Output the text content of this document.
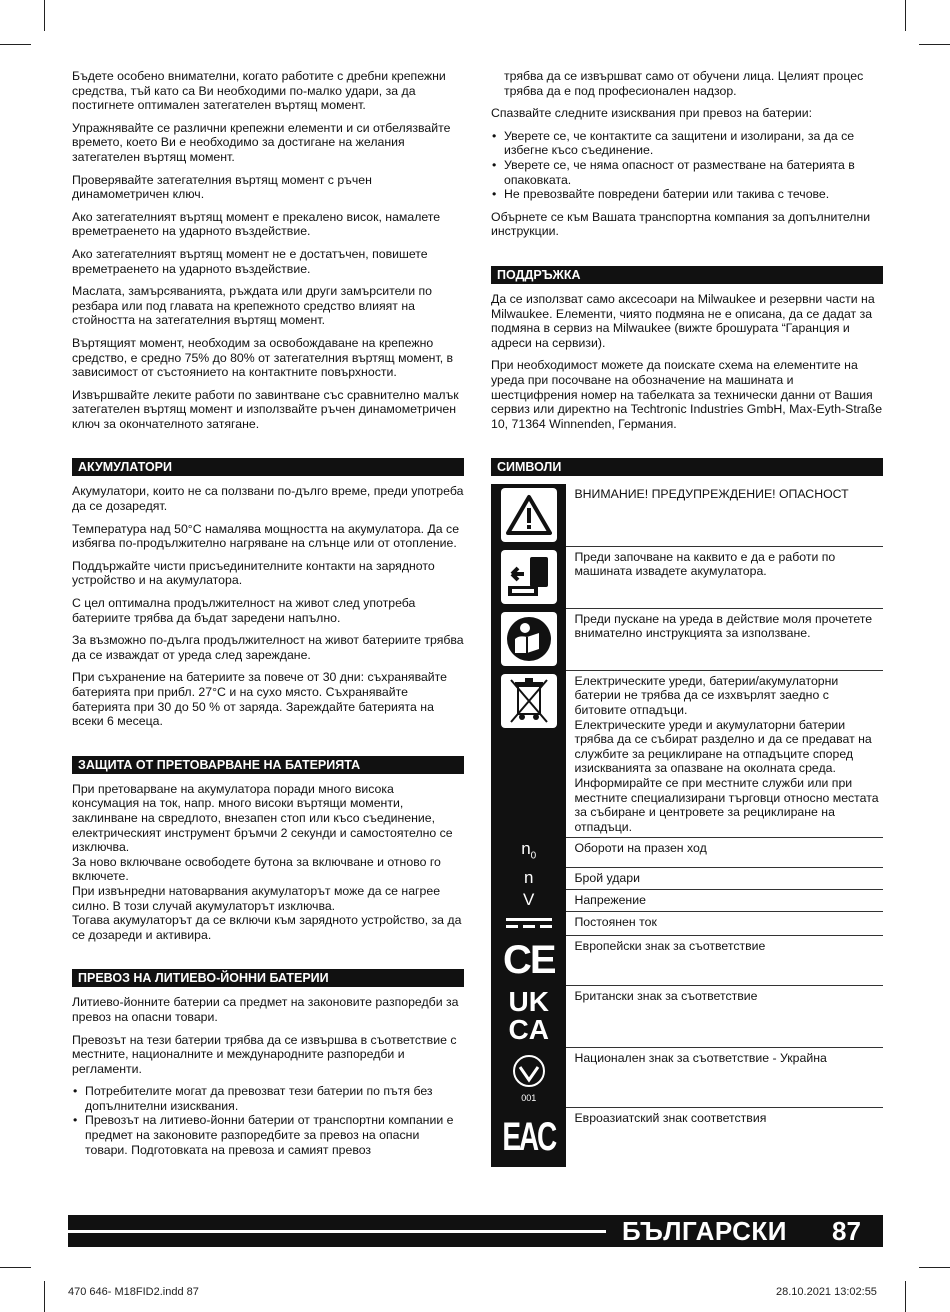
Бъдете особено внимателни, когато работите с дребни крепежни средства, тъй като са Ви необходими по-малко удари, за да постигнете оптимален затегателен въртящ момент.

Упражнявайте се различни крепежни елементи и си отбелязвайте времето, което Ви е необходимо за достигане на желания затегателен въртящ момент.

Проверявайте затегателния въртящ момент с ръчен динамометричен ключ.

Ако затегателният въртящ момент е прекалено висок, намалете времетраенето на ударното въздействие.

Ако затегателният въртящ момент не е достатъчен, повишете времетраенето на ударното въздействие.

Маслата, замърсяванията, ръждата или други замърсители по резбара или под главата на крепежното средство влияят на стойността на затегателния въртящ момент.

Въртящият момент, необходим за освобождаване на крепежно средство, е средно 75% до 80% от затегателния въртящ момент, в зависимост от състоянието на контактните повърхности.

Извършвайте леките работи по завинтване със сравнително малък затегателен въртящ момент и използвайте ръчен динамометричен ключ за окончателното затягане.

АКУМУЛАТОРИ

Акумулатори, които не са ползвани по-дълго време, преди употреба да се дозаредят.

Температура над 50°C намалява мощността на акумулатора. Да се избягва по-продължително нагряване на слънце или от отопление.

Поддържайте чисти присъединителните контакти на зарядното устройство и на акумулатора.

С цел оптимална продължителност на живот след употреба батериите трябва да бъдат заредени напълно.

За възможно по-дълга продължителност на живот батериите трябва да се изваждат от уреда след зареждане.

При съхранение на батериите за повече от 30 дни: съхранявайте батерията при прибл. 27°C и на сухо място. Съхранявайте батерията при 30 до 50 % от заряда. Зареждайте батерията на всеки 6 месеца.

ЗАЩИТА ОТ ПРЕТОВАРВАНЕ НА БАТЕРИЯТА

При претоварване на акумулатора поради много висока консумация на ток, напр. много високи въртящи моменти, заклинване на свредлото, внезапен стоп или късо съединение, електрическият инструмент бръмчи 2 секунди и самостоятелно се изключва.

За ново включване освободете бутона за включване и отново го включете.

При извънредни натоварвания акумулаторът може да се нагрее силно. В този случай акумулаторът изключва.

Тогава акумулаторът да се включи към зарядното устройство, за да се дозареди и активира.

ПРЕВОЗ НА ЛИТИЕВО-ЙОННИ БАТЕРИИ

Литиево-йонните батерии са предмет на законовите разпоредби за превоз на опасни товари.

Превозът на тези батерии трябва да се извършва в съответствие с местните, националните и международните разпоредби и регламенти.

• Потребителите могат да превозват тези батерии по пътя без допълнителни изисквания.
• Превозът на литиево-йонни батерии от транспортни компании е предмет на законовите разпоредбите за превоз на опасни товари. Подготовката на превоза и самият превоз

трябва да се извършват само от обучени лица. Целият процес трябва да е под професионален надзор.

Спазвайте следните изисквания при превоз на батерии:

• Уверете се, че контактите са защитени и изолирани, за да се избегне късо съединение.
• Уверете се, че няма опасност от разместване на батерията в опаковката.
• Не превозвайте повредени батерии или такива с течове.

Обърнете се към Вашата транспортна компания за допълнителни инструкции.

ПОДДРЪЖКА

Да се използват само аксесоари на Milwaukee и резервни части на Milwaukee. Елементи, чиято подмяна не е описана, да се дадат за подмяна в сервиз на Milwaukee (вижте брошурата “Гаранция и адреси на сервизи).

При необходимост можете да поискате схема на елементите на уреда при посочване на обозначение на машината и шестцифрения номер на табелката за технически данни от Вашия сервиз или директно на Techtronic Industries GmbH, Max-Eyth-Straße 10, 71364 Winnenden, Германия.

СИМВОЛИ
	ВНИМАНИЕ! ПРЕДУПРЕЖДЕНИЕ! ОПАСНОСТ

	Преди започване на каквито е да е работи по машината извадете акумулатора.

	Преди пускане на уреда в действие моля прочетете внимателно инструкцията за използване.

Електрическите уреди, батерии/акумулаторни батерии не трябва да се изхвърлят заедно с битовите отпадъци.
Електрическите уреди и акумулаторни батерии трябва да се събират разделно и да се предават на службите за рециклиране на отпадъците според изискванията за опазване на околната среда.
Информирайте се при местните служби или при местните специализирани търговци относно местата за събиране и центровете за рециклиране на отпадъци.

$n_0$	Обороти на празен ход
n	Брой удари
V	Напрежение
	Постоянен ток

CE	Европейски знак за съответствие

UK
CA	Британски знак за съответствие

001	Национален знак за съответствие - Украйна

EAC	Евроазиатский знак соответствия
БЪЛГАРСКИ 87
470 646- M18FID2.indd 87	28.10.2021 13:02:55
